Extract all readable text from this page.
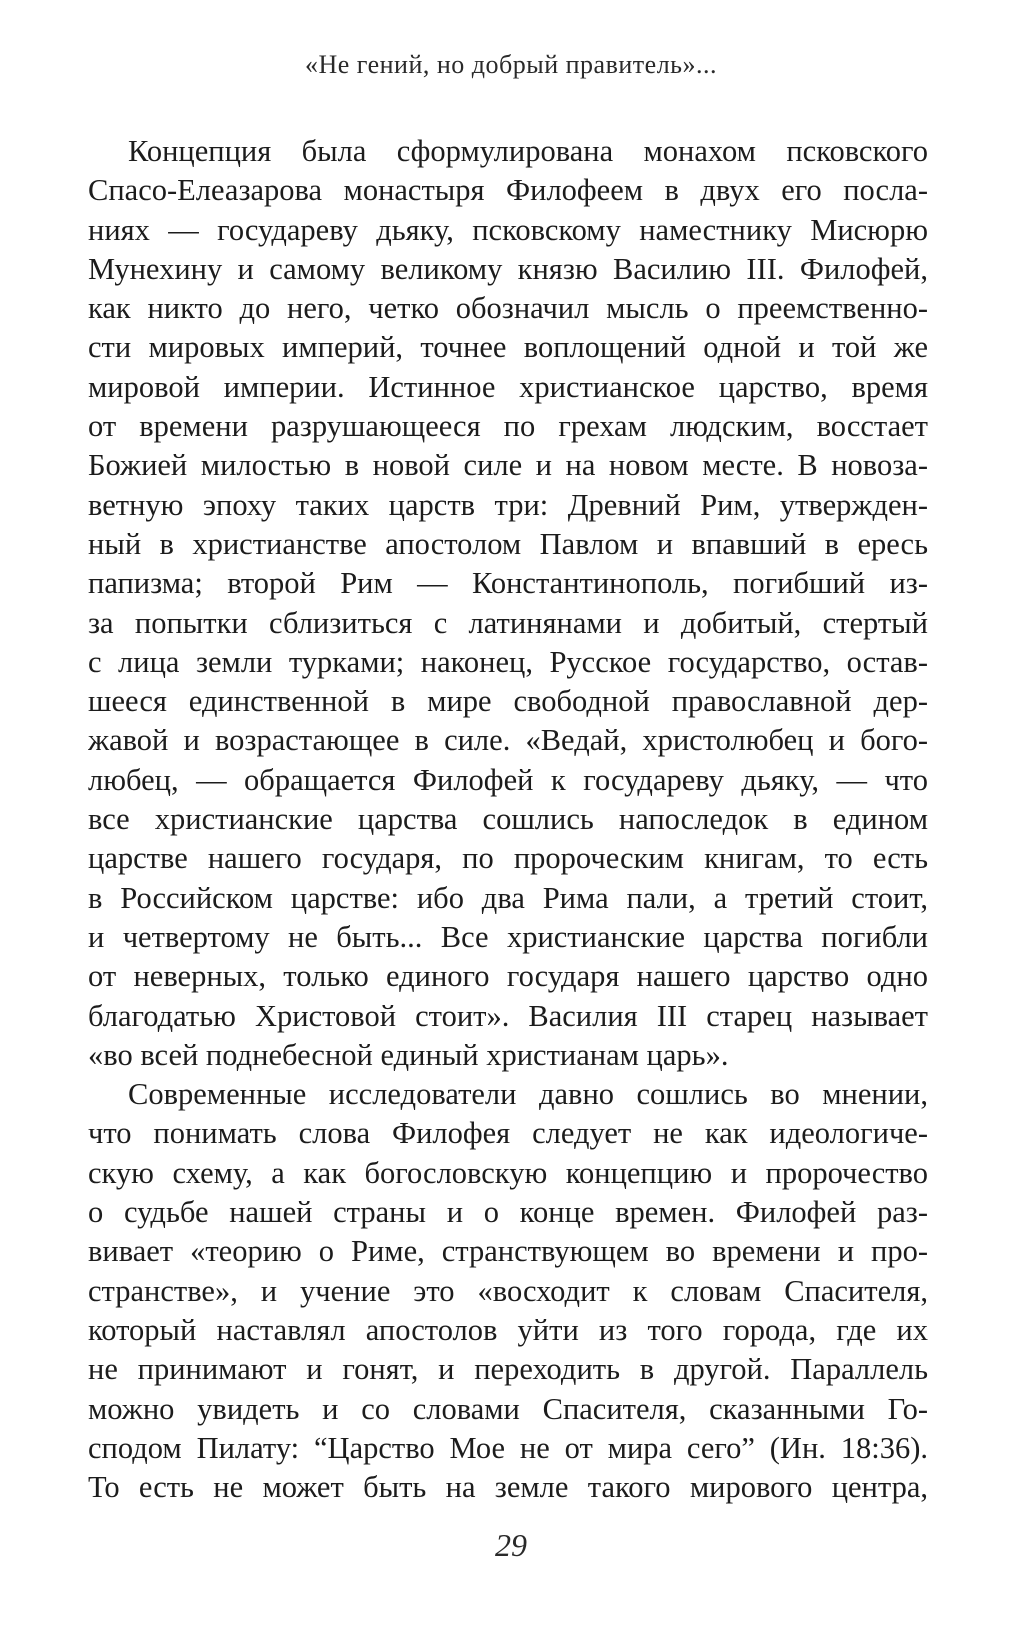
«Не гений, но добрый правитель»...
Концепция была сформулирована монахом псковского
Спасо-Елеазарова монастыря Филофеем в двух его посла-
ниях — государеву дьяку, псковскому наместнику Мисюрю
Мунехину и самому великому князю Василию III. Филофей,
как никто до него, четко обозначил мысль о преемственно-
сти мировых империй, точнее воплощений одной и той же
мировой империи. Истинное христианское царство, время
от времени разрушающееся по грехам людским, восстает
Божией милостью в новой силе и на новом месте. В новоза-
ветную эпоху таких царств три: Древний Рим, утвержден-
ный в христианстве апостолом Павлом и впавший в ересь
папизма; второй Рим — Константинополь, погибший из-
за попытки сблизиться с латинянами и добитый, стертый
с лица земли турками; наконец, Русское государство, остав-
шееся единственной в мире свободной православной дер-
жавой и возрастающее в силе. «Ведай, христолюбец и бого-
любец, — обращается Филофей к государеву дьяку, — что
все христианские царства сошлись напоследок в едином
царстве нашего государя, по пророческим книгам, то есть
в Российском царстве: ибо два Рима пали, а третий стоит,
и четвертому не быть... Все христианские царства погибли
от неверных, только единого государя нашего царство одно
благодатью Христовой стоит». Василия III старец называет
«во всей поднебесной единый христианам царь».
Современные исследователи давно сошлись во мнении,
что понимать слова Филофея следует не как идеологиче-
скую схему, а как богословскую концепцию и пророчество
о судьбе нашей страны и о конце времен. Филофей раз-
вивает «теорию о Риме, странствующем во времени и про-
странстве», и учение это «восходит к словам Спасителя,
который наставлял апостолов уйти из того города, где их
не принимают и гонят, и переходить в другой. Параллель
можно увидеть и со словами Спасителя, сказанными Го-
сподом Пилату: “Царство Мое не от мира сего” (Ин. 18:36).
То есть не может быть на земле такого мирового центра,
29
